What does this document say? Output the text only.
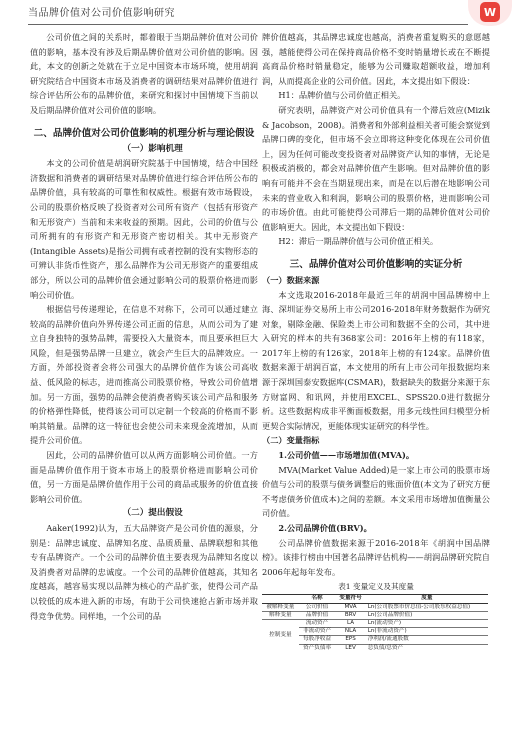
当品牌价值对公司价值影响研究	W

公司价值之间的关系时，都着眼于当期品牌价值对公司价值的影响，基本没有涉及后期品牌价值对公司价值的影响。因此，本文的创新之处就在于立足中国资本市场环境，使用胡润研究院结合中国资本市场及消费者的调研结果对品牌价值进行综合评估所公布的品牌价值，来研究和探讨中国情境下当前以及后期品牌价值对公司价值的影响。

二、品牌价值对公司价值影响的机理分析与理论假设

（一）影响机理

本文的公司价值是胡润研究院基于中国情境，结合中国经济数据和消费者的调研结果对品牌价值进行综合评估所公布的品牌价值，具有较高的可靠性和权威性。根据有效市场假设，公司的股票价格反映了投资者对公司所有资产（包括有形资产和无形资产）当前和未来收益的预期。因此，公司的价值与公司所拥有的有形资产和无形资产密切相关。其中无形资产(Intangible Assets)是指公司拥有或者控制的没有实物形态的可辨认非货币性资产，那么品牌作为公司无形资产的重要组成部分，所以公司的品牌价值会通过影响公司的股票价格进而影响公司价值。

根据信号传递理论，在信息不对称下，公司可以通过建立较高的品牌价值向外界传递公司正面的信息，从而公司为了建立自身独特的强势品牌，需要投入大量资本，而且要承担巨大风险，但是强势品牌一旦建立，就会产生巨大的品牌效应。一方面，外部投资者会将公司强大的品牌价值作为该公司高收益、低风险的标志，进而推高公司股票价格，导致公司价值增加。另一方面，强势的品牌会使消费者购买该公司产品和服务的价格弹性降低，使得该公司可以定制一个较高的价格而不影响其销量。品牌的这一特征也会使公司未来现金流增加，从而提升公司价值。

因此，公司的品牌价值可以从两方面影响公司价值。一方面是品牌价值作用于资本市场上的股票价格进而影响公司价值，另一方面是品牌价值作用于公司的商品或服务的价值直接影响公司价值。

（二）提出假设

Aaker(1992)认为，五大品牌资产是公司价值的源泉，分别是：品牌忠诚度、品牌知名度、品质质量、品牌联想和其他专有品牌资产。一个公司的品牌价值主要表现为品牌知名度以及消费者对品牌的忠诚度。一个公司的品牌价值越高，其知名度越高，越容易实现以品牌为核心的产品扩张，使得公司产品以较低的成本进入新的市场，有助于公司快速抢占新市场并取得竞争优势。同样地，一个公司的品

牌价值越高，其品牌忠诚度也越高，消费者重复购买的意愿越强，越能使得公司在保持商品价格不变时销量增长或在不断提高商品价格时销量稳定，能够为公司赚取超额收益，增加利润，从而提高企业的公司价值。因此，本文提出如下假设：

H1：品牌价值与公司价值正相关。

研究表明，品牌资产对公司价值具有一个滞后效应(Mizik & Jacobson，2008)。消费者和外部利益相关者可能会察觉到品牌口碑的变化，但市场不会立即将这种变化体现在公司价值上，因为任何可能改变投资者对品牌资产认知的事情，无论是积极或消极的，都会对品牌价值产生影响。但对品牌价值的影响有可能并不会在当期显现出来，而是在以后潜在地影响公司未来的营业收入和利润，影响公司的股票价格，进而影响公司的市场价值。由此可能使得公司滞后一期的品牌价值对公司价值影响更大。因此，本文提出如下假设：

H2：滞后一期品牌价值与公司价值正相关。

三、品牌价值对公司价值影响的实证分析

（一）数据来源

本文选取2016-2018年最近三年的胡润中国品牌榜中上海、深圳证券交易所上市公司2016-2018年财务数据作为研究对象，剔除金融、保险类上市公司和数据不全的公司，其中进入研究的样本的共有368家公司：2016年上榜的有118家，2017年上榜的有126家，2018年上榜的有124家。品牌价值数据来源于胡润百富，本文使用的所有上市公司年报数据均来源于深圳国泰安数据库(CSMAR)，数据缺失的数据分来源于东方财富网、和讯网，并使用EXCEL、SPSS20.0进行数据分析。这些数据构成非平衡面板数据，用多元线性回归模型分析更契合实际情况，更能体现实证研究的科学性。

（二）变量指标

1.公司价值——市场增加值(MVA)。

MVA(Market Value Added)是一家上市公司的股票市场价值与公司的股票与债务调整后的账面价值(本文为了研究方便不考虑债务价值成本)之间的差额。本文采用市场增加值衡量公司价值。

2.公司品牌价值(BRV)。

公司品牌价值数据来源于2016-2018年《胡润中国品牌榜》。该排行榜由中国著名品牌评估机构——胡润品牌研究院自2006年起每年发布。

表1 变量定义及其度量
	名称	变量符号	度量
被解释变量	公司价值	MVA	Ln(公司股票市价总值-公司股东权益总值)
解释变量	品牌价值	BRV	Ln(公司品牌价值)
控制变量	流动资产	LA	Ln(流动资产)
	非流动资产	NLA	Ln(非流动资产)
	每股净收益	EPS	净利润/流通股数
	资产负债率	LEV	总负债/总资产
